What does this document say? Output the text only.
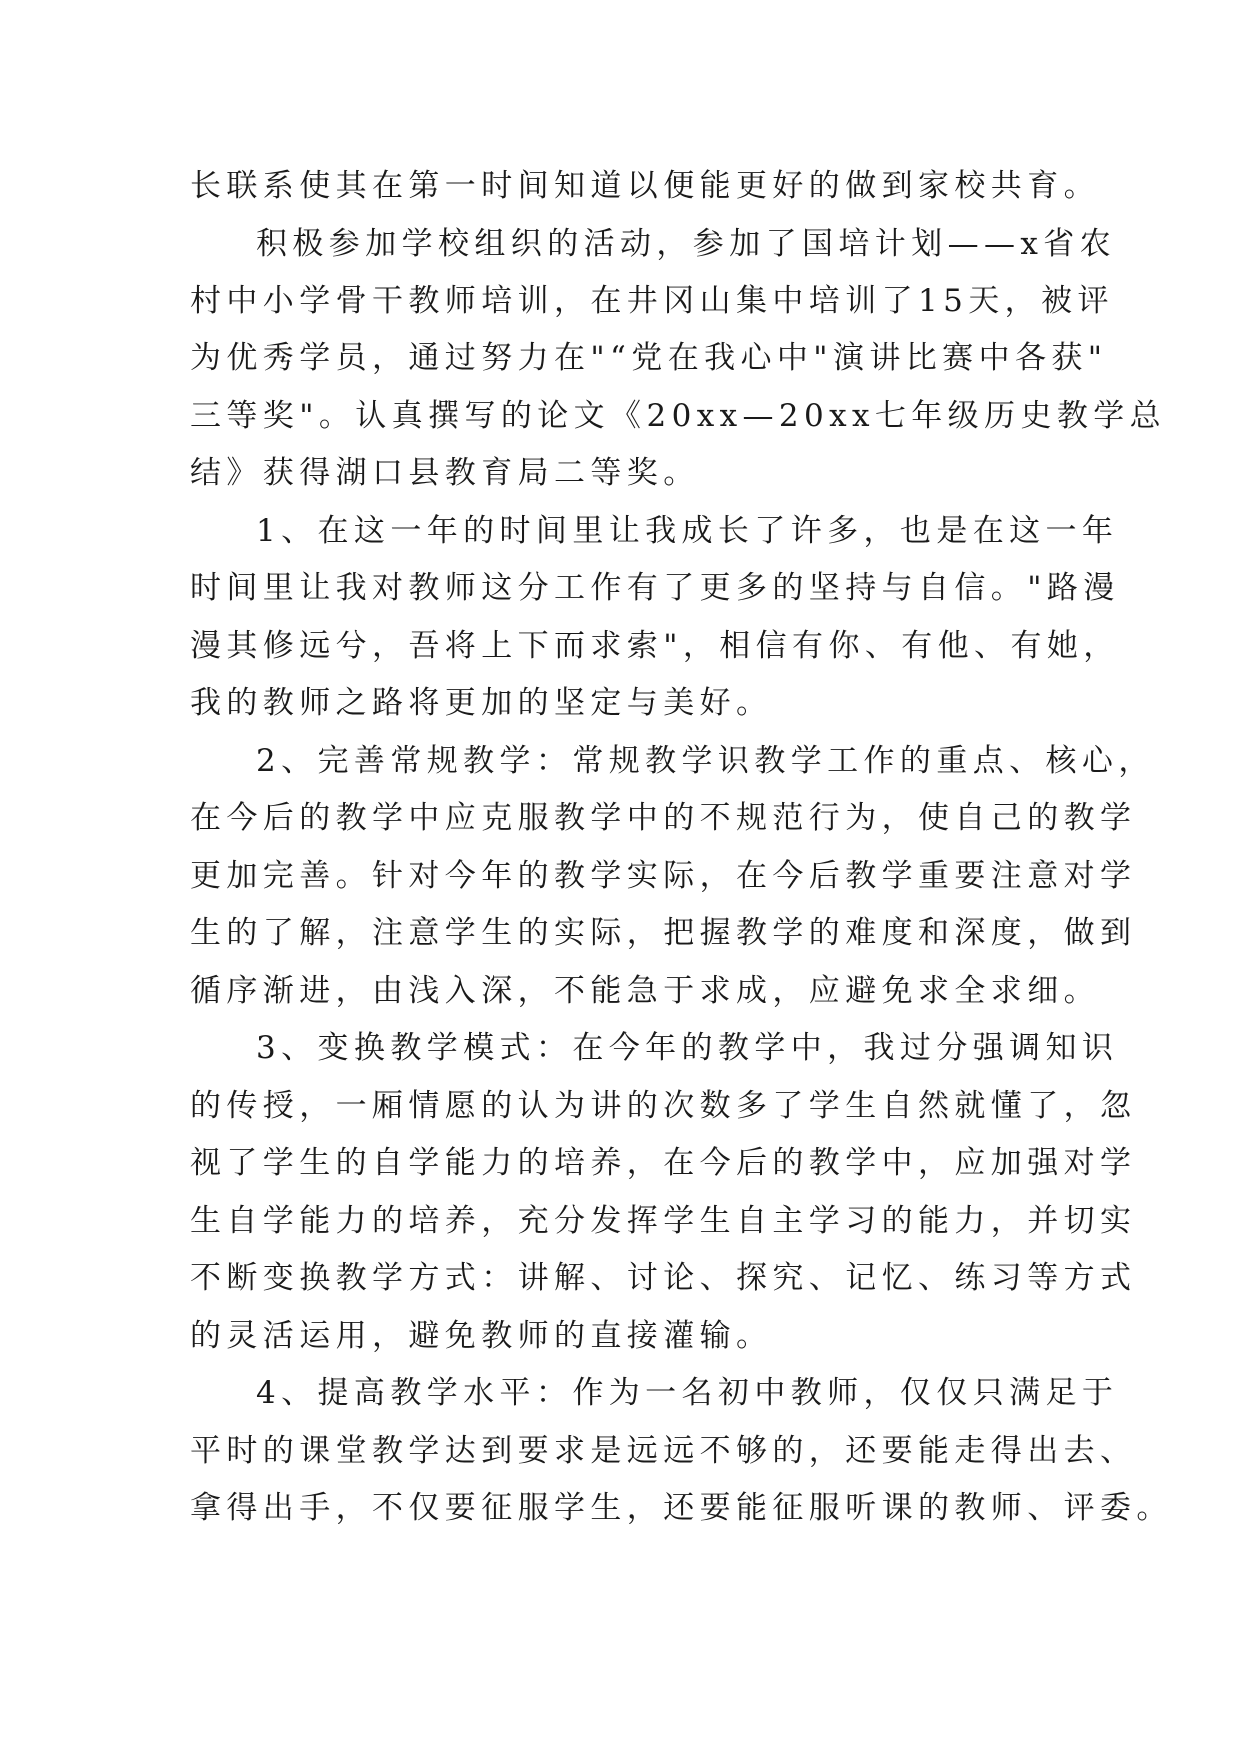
长联系使其在第一时间知道以便能更好的做到家校共育。
积极参加学校组织的活动，参加了国培计划——x省农
村中小学骨干教师培训，在井冈山集中培训了15天，被评
为优秀学员，通过努力在"“党在我心中"演讲比赛中各获"
三等奖"。认真撰写的论文《20xx—20xx七年级历史教学总
结》获得湖口县教育局二等奖。
1、在这一年的时间里让我成长了许多，也是在这一年
时间里让我对教师这分工作有了更多的坚持与自信。"路漫
漫其修远兮，吾将上下而求索"，相信有你、有他、有她，
我的教师之路将更加的坚定与美好。
2、完善常规教学：常规教学识教学工作的重点、核心，
在今后的教学中应克服教学中的不规范行为，使自己的教学
更加完善。针对今年的教学实际，在今后教学重要注意对学
生的了解，注意学生的实际，把握教学的难度和深度，做到
循序渐进，由浅入深，不能急于求成，应避免求全求细。
3、变换教学模式：在今年的教学中，我过分强调知识
的传授，一厢情愿的认为讲的次数多了学生自然就懂了，忽
视了学生的自学能力的培养，在今后的教学中，应加强对学
生自学能力的培养，充分发挥学生自主学习的能力，并切实
不断变换教学方式：讲解、讨论、探究、记忆、练习等方式
的灵活运用，避免教师的直接灌输。
4、提高教学水平：作为一名初中教师，仅仅只满足于
平时的课堂教学达到要求是远远不够的，还要能走得出去、
拿得出手，不仅要征服学生，还要能征服听课的教师、评委。
